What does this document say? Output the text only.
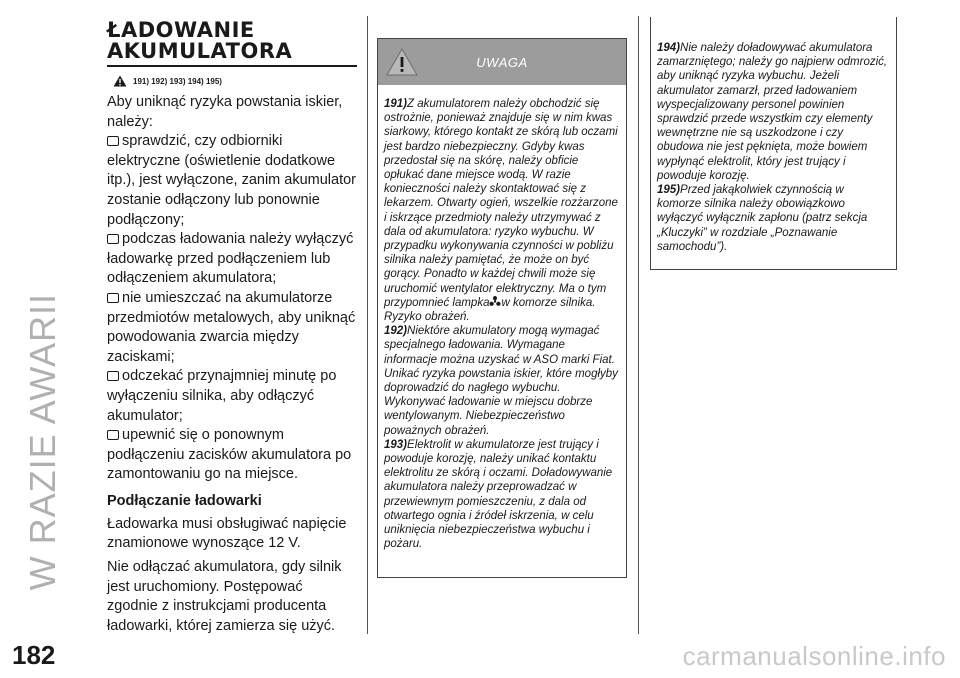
W RAZIE AWARII
182
ŁADOWANIE
AKUMULATORA
191) 192) 193) 194) 195)

Aby uniknąć ryzyka powstania iskier, należy:

sprawdzić, czy odbiorniki elektryczne (oświetlenie dodatkowe itp.), jest wyłączone, zanim akumulator zostanie odłączony lub ponownie podłączony;

podczas ładowania należy wyłączyć ładowarkę przed podłączeniem lub odłączeniem akumulatora;

nie umieszczać na akumulatorze przedmiotów metalowych, aby uniknąć powodowania zwarcia między zaciskami;

odczekać przynajmniej minutę po wyłączeniu silnika, aby odłączyć akumulator;

upewnić się o ponownym podłączeniu zacisków akumulatora po zamontowaniu go na miejsce.

Podłączanie ładowarki

Ładowarka musi obsługiwać napięcie znamionowe wynoszące 12 V.

Nie odłączać akumulatora, gdy silnik jest uruchomiony. Postępować zgodnie z instrukcjami producenta ładowarki, której zamierza się użyć.

UWAGA

191)Z akumulatorem należy obchodzić się ostrożnie, ponieważ znajduje się w nim kwas siarkowy, którego kontakt ze skórą lub oczami jest bardzo niebezpieczny. Gdyby kwas przedostał się na skórę, należy obficie opłukać dane miejsce wodą. W razie konieczności należy skontaktować się z lekarzem. Otwarty ogień, wszelkie rozżarzone i iskrzące przedmioty należy utrzymywać z dala od akumulatora: ryzyko wybuchu. W przypadku wykonywania czynności w pobliżu silnika należy pamiętać, że może on być gorący. Ponadto w każdej chwili może się uruchomić wentylator elektryczny. Ma o tym przypomnieć lampka w komorze silnika. Ryzyko obrażeń.

192)Niektóre akumulatory mogą wymagać specjalnego ładowania. Wymagane informacje można uzyskać w ASO marki Fiat. Unikać ryzyka powstania iskier, które mogłyby doprowadzić do nagłego wybuchu. Wykonywać ładowanie w miejscu dobrze wentylowanym. Niebezpieczeństwo poważnych obrażeń.

193)Elektrolit w akumulatorze jest trujący i powoduje korozję, należy unikać kontaktu elektrolitu ze skórą i oczami. Doładowywanie akumulatora należy przeprowadzać w przewiewnym pomieszczeniu, z dala od otwartego ognia i źródeł iskrzenia, w celu uniknięcia niebezpieczeństwa wybuchu i pożaru.

194)Nie należy doładowywać akumulatora zamarzniętego; należy go najpierw odmrozić, aby uniknąć ryzyka wybuchu. Jeżeli akumulator zamarzł, przed ładowaniem wyspecjalizowany personel powinien sprawdzić przede wszystkim czy elementy wewnętrzne nie są uszkodzone i czy obudowa nie jest pęknięta, może bowiem wypłynąć elektrolit, który jest trujący i powoduje korozję.

195)Przed jakąkolwiek czynnością w komorze silnika należy obowiązkowo wyłączyć wyłącznik zapłonu (patrz sekcja „Kluczyki” w rozdziale „Poznawanie samochodu”).

carmanualsonline.info
